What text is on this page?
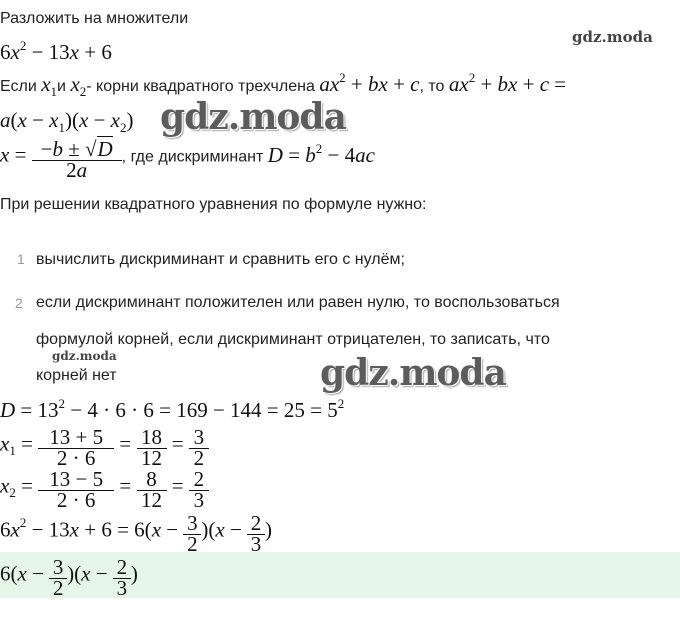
Разложить на множители
$6x^2 - 13x + 6$
gdz.moda
Если $x_1и$ $x_2-$ корни квадратного трехчлена $ax^2$ + bx + c, то $ax^2$ + bx + c =
$a(x - x_1)(x - x_2)$ gdz.moda
$x = \frac{-b \pm √D}{2a}$ , где дискриминант $D = b^2 - 4ac$
При решении квадратного уравнения по формуле нужно:
1 вычислить дискриминант и сравнить его с нулём;
2 если дискриминант положителен или равен нулю, то воспользоваться
формулой корней, если дискриминант отрицателен, то записать, что
корней нет
gdz.moda	gdz.moda
$D = 13^2 - 4 \cdot 6 \cdot 6 = 169 - 144 = 25 = 5^2$
$x_1 = \frac{13 + 5}{2 \cdot 6} = \frac{18}{12} = \frac{3}{2}$
$x_2 = \frac{13 - 5}{2 \cdot 6} = \frac{8}{12} = \frac{2}{3}$
$6x^2 - 13x + 6 = 6(x - \frac{3}{2} )(x - \frac{2}{3}$ )
$6(x - \frac{3}{2} )(x - \frac{2}{3}$ )
